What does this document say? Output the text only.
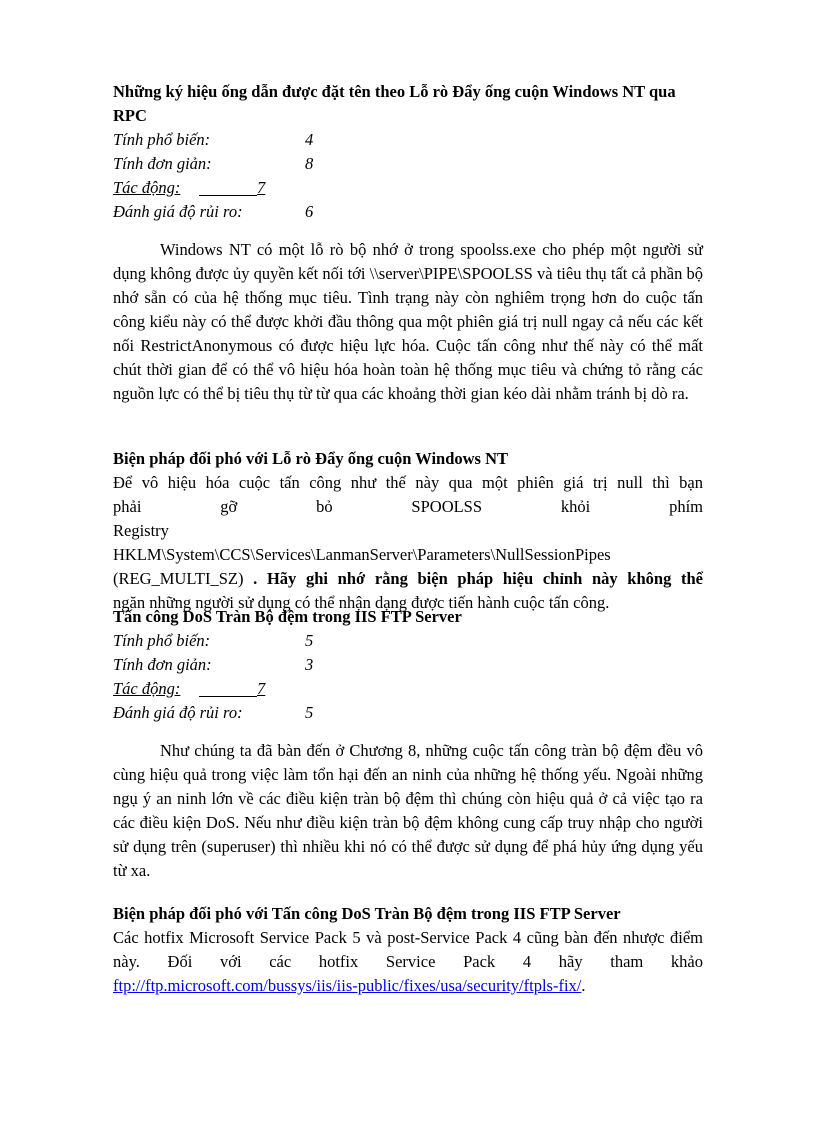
Những ký hiệu ống dẫn được đặt tên theo Lỗ rò Đẩy ống cuộn Windows NT qua RPC
Tính phổ biến:	4
Tính đơn giản:	8
Tác động:	7
Đánh giá độ rủi ro:	6
Windows NT có một lỗ rò bộ nhớ ở trong spoolss.exe cho phép một người sử dụng không được ủy quyền kết nối tới \\server\PIPE\SPOOLSS và tiêu thụ tất cả phần bộ nhớ sẵn có của hệ thống mục tiêu. Tình trạng này còn nghiêm trọng hơn do cuộc tấn công kiểu này có thể được khởi đầu thông qua một phiên giá trị null ngay cả nếu các kết nối RestrictAnonymous có được hiệu lực hóa. Cuộc tấn công như thế này có thể mất chút thời gian để có thể vô hiệu hóa hoàn toàn hệ thống mục tiêu và chứng tỏ rằng các nguồn lực có thể bị tiêu thụ từ từ qua các khoảng thời gian kéo dài nhằm tránh bị dò ra.
Biện pháp đối phó với Lỗ rò Đẩy ống cuộn Windows NT
Để vô hiệu hóa cuộc tấn công như thế này qua một phiên giá trị null thì bạn
phải gỡ bỏ SPOOLSS khỏi phím Registry
HKLM\System\CCS\Services\LanmanServer\Parameters\NullSessionPipes
(REG_MULTI_SZ) . Hãy ghi nhớ rằng biện pháp hiệu chỉnh này không thể
ngăn những người sử dụng có thể nhận dạng được tiến hành cuộc tấn công.
Tấn công DoS Tràn Bộ đệm trong IIS FTP Server
Tính phổ biến:	5
Tính đơn giản:	3
Tác động:	7
Đánh giá độ rủi ro:	5
Như chúng ta đã bàn đến ở Chương 8, những cuộc tấn công tràn bộ đệm đều vô cùng hiệu quả trong việc làm tổn hại đến an ninh của những hệ thống yếu. Ngoài những ngụ ý an ninh lớn về các điều kiện tràn bộ đệm thì chúng còn hiệu quả ở cả việc tạo ra các điều kiện DoS. Nếu như điều kiện tràn bộ đệm không cung cấp truy nhập cho người sử dụng trên (superuser) thì nhiều khi nó có thể được sử dụng để phá hủy ứng dụng yếu từ xa.
Biện pháp đối phó với Tấn công DoS Tràn Bộ đệm trong IIS FTP Server
Các hotfix Microsoft Service Pack 5 và post-Service Pack 4 cũng bàn đến nhược điểm này. Đối với các hotfix Service Pack 4 hãy tham khảo ftp://ftp.microsoft.com/bussys/iis/iis-public/fixes/usa/security/ftpls-fix/.
